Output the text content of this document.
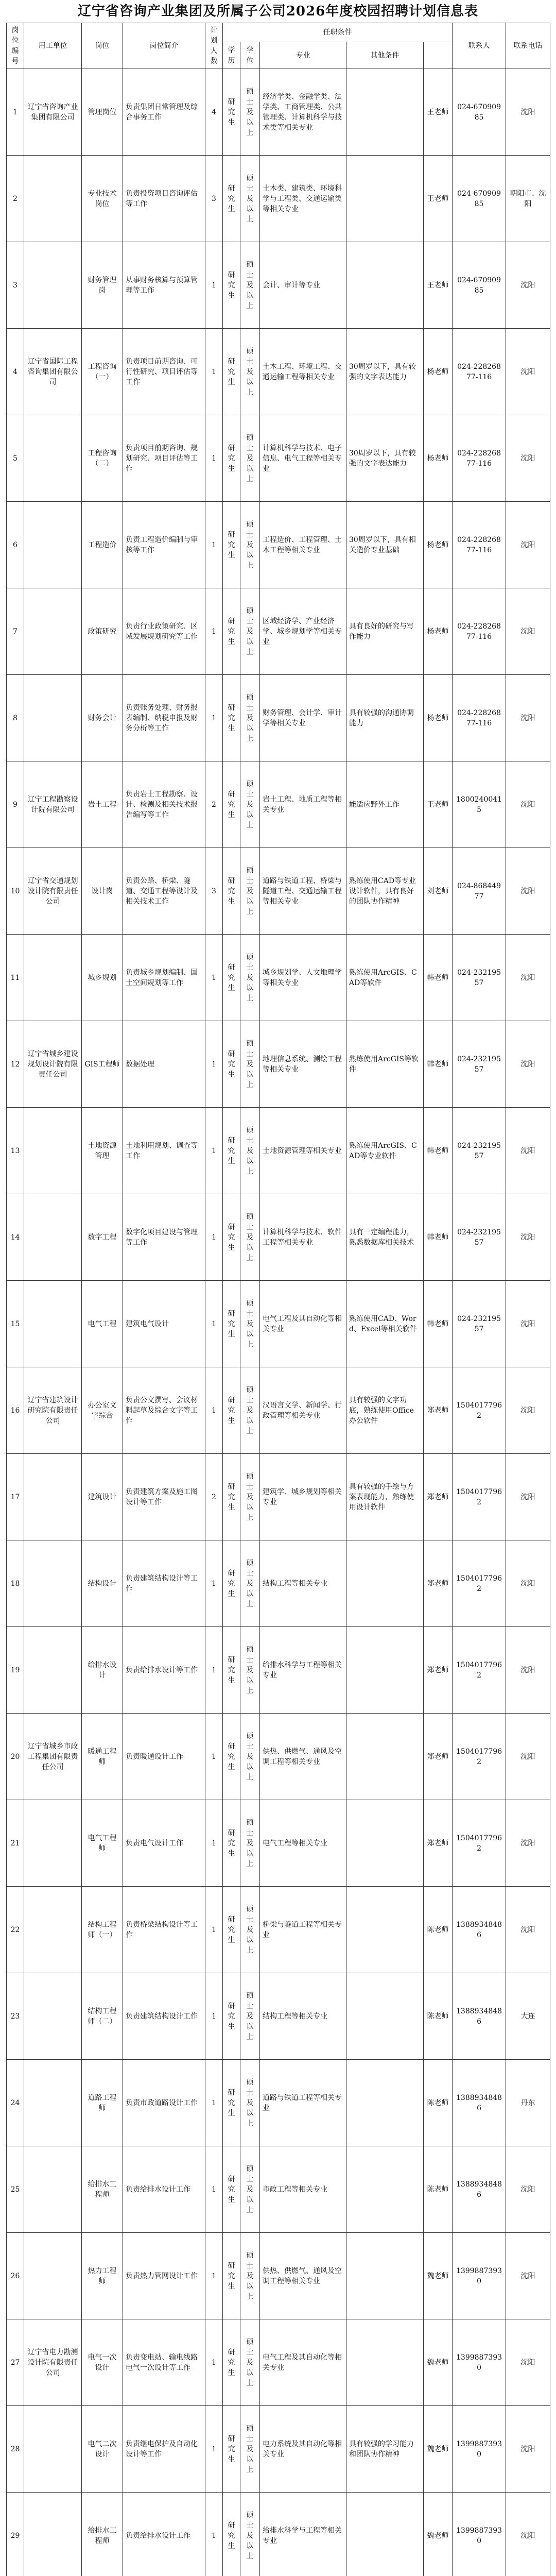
辽宁省咨询产业集团及所属子公司2026年度校园招聘计划信息表
岗位编号	用工单位	岗位	岗位简介	计划人数	任职条件					联系人	联系电话	
					学历	学位	专业	其他条件				
1	辽宁省咨询产业集团有限公司	管理岗位	负责集团日常管理及综合事务工作	4	研究生	硕士及以上	经济学类、金融学类、法学类、工商管理类、公共管理类、计算机科学与技术类等相关专业		王老师	024-67090985	沈阳	
2		专业技术岗位	负责投资项目咨询评估等工作	3	研究生	硕士及以上	土木类、建筑类、环境科学与工程类、交通运输类等相关专业		王老师	024-67090985	朝阳市、沈阳	
3		财务管理岗	从事财务核算与预算管理等工作	1	研究生	硕士及以上	会计、审计等专业		王老师	024-67090985	沈阳	
4	辽宁省国际工程咨询集团有限公司	工程咨询（一）	负责项目前期咨询、可行性研究、项目评估等工作	1	研究生	硕士及以上	土木工程、环境工程、交通运输工程等相关专业	30周岁以下，具有较强的文字表达能力	杨老师	024-22826877-116	沈阳	
5		工程咨询（二）	负责项目前期咨询、规划研究、项目评估等工作	1	研究生	硕士及以上	计算机科学与技术、电子信息、电气工程等相关专业	30周岁以下，具有较强的文字表达能力	杨老师	024-22826877-116	沈阳	
6		工程造价	负责工程造价编制与审核等工作	1	研究生	硕士及以上	工程造价、工程管理、土木工程等相关专业	30周岁以下，具有相关造价专业基础	杨老师	024-22826877-116	沈阳	
7		政策研究	负责行业政策研究、区域发展规划研究等工作	1	研究生	硕士及以上	区域经济学、产业经济学、城乡规划学等相关专业	具有良好的研究与写作能力	杨老师	024-22826877-116	沈阳	
8		财务会计	负责账务处理、财务报表编制、纳税申报及财务分析等工作	1	研究生	硕士及以上	财务管理、会计学、审计学等相关专业	具有较强的沟通协调能力	杨老师	024-22826877-116	沈阳	
9	辽宁工程勘察设计院有限公司	岩土工程	负责岩土工程勘察、设计、检测及相关技术报告编写等工作	2	研究生	硕士及以上	岩土工程、地质工程等相关专业	能适应野外工作	王老师	18002400415	沈阳	
10	辽宁省交通规划设计院有限责任公司	设计岗	负责公路、桥梁、隧道、交通工程等设计及相关技术工作	3	研究生	硕士及以上	道路与铁道工程、桥梁与隧道工程、交通运输工程等相关专业	熟练使用CAD等专业设计软件，具有良好的团队协作精神	刘老师	024-86844977	沈阳	
11		城乡规划	负责城乡规划编制、国土空间规划等工作	1	研究生	硕士及以上	城乡规划学、人文地理学等相关专业	熟练使用ArcGIS、CAD等软件	韩老师	024-23219557	沈阳	
12	辽宁省城乡建设规划设计院有限责任公司	GIS工程师	数据处理	1	研究生	硕士及以上	地理信息系统、测绘工程等相关专业	熟练使用ArcGIS等软件	韩老师	024-23219557	沈阳	
13		土地资源管理	土地利用规划、调查等工作	1	研究生	硕士及以上	土地资源管理等相关专业	熟练使用ArcGIS、CAD等专业软件	韩老师	024-23219557	沈阳	
14		数字工程	数字化项目建设与管理等工作	1	研究生	硕士及以上	计算机科学与技术、软件工程等相关专业	具有一定编程能力，熟悉数据库相关技术	韩老师	024-23219557	沈阳	
15		电气工程	建筑电气设计	1	研究生	硕士及以上	电气工程及其自动化等相关专业	熟练使用CAD、Word、Excel等相关软件	韩老师	024-23219557	沈阳	
16	辽宁省建筑设计研究院有限责任公司	办公室文字综合	负责公文撰写、会议材料起草及综合文字等工作	1	研究生	硕士及以上	汉语言文学、新闻学、行政管理等相关专业	具有较强的文字功底，熟练使用Office办公软件	郑老师	15040177962	沈阳	
17		建筑设计	负责建筑方案及施工图设计等工作	2	研究生	硕士及以上	建筑学、城乡规划等相关专业	具有较强的手绘与方案表现能力，熟练使用设计软件	郑老师	15040177962	沈阳	
18		结构设计	负责建筑结构设计等工作	1	研究生	硕士及以上	结构工程等相关专业		郑老师	15040177962	沈阳	
19		给排水设计	负责给排水设计等工作	1	研究生	硕士及以上	给排水科学与工程等相关专业		郑老师	15040177962	沈阳	
20	辽宁省城乡市政工程集团有限责任公司	暖通工程师	负责暖通设计工作	1	研究生	硕士及以上	供热、供燃气、通风及空调工程等相关专业		郑老师	15040177962	沈阳	
21		电气工程师	负责电气设计工作	1	研究生	硕士及以上	电气工程等相关专业		郑老师	15040177962	沈阳	
22		结构工程师（一）	负责桥梁结构设计等工作	1	研究生	硕士及以上	桥梁与隧道工程等相关专业		陈老师	13889348486	沈阳	
23		结构工程师（二）	负责建筑结构设计工作	1	研究生	硕士及以上	结构工程等相关专业		陈老师	13889348486	大连	
24		道路工程师	负责市政道路设计工作	1	研究生	硕士及以上	道路与铁道工程等相关专业		陈老师	13889348486	丹东	
25		给排水工程师	负责给排水设计工作	1	研究生	硕士及以上	市政工程等相关专业		陈老师	13889348486	沈阳	
26		热力工程师	负责热力管网设计工作	1	研究生	硕士及以上	供热、供燃气、通风及空调工程等相关专业		魏老师	13998873930	沈阳	
27	辽宁省电力勘测设计院有限责任公司	电气一次设计	负责变电站、输电线路电气一次设计等工作	1	研究生	硕士及以上	电气工程及其自动化等相关专业		魏老师	13998873930	沈阳	
28		电气二次设计	负责继电保护及自动化设计等工作	1	研究生	硕士及以上	电力系统及其自动化等相关专业	具有较强的学习能力和团队协作精神	魏老师	13998873930	沈阳	
29		给排水工程师	负责给排水设计工作	1	研究生	硕士及以上	给排水科学与工程等相关专业		魏老师	13998873930	沈阳	
